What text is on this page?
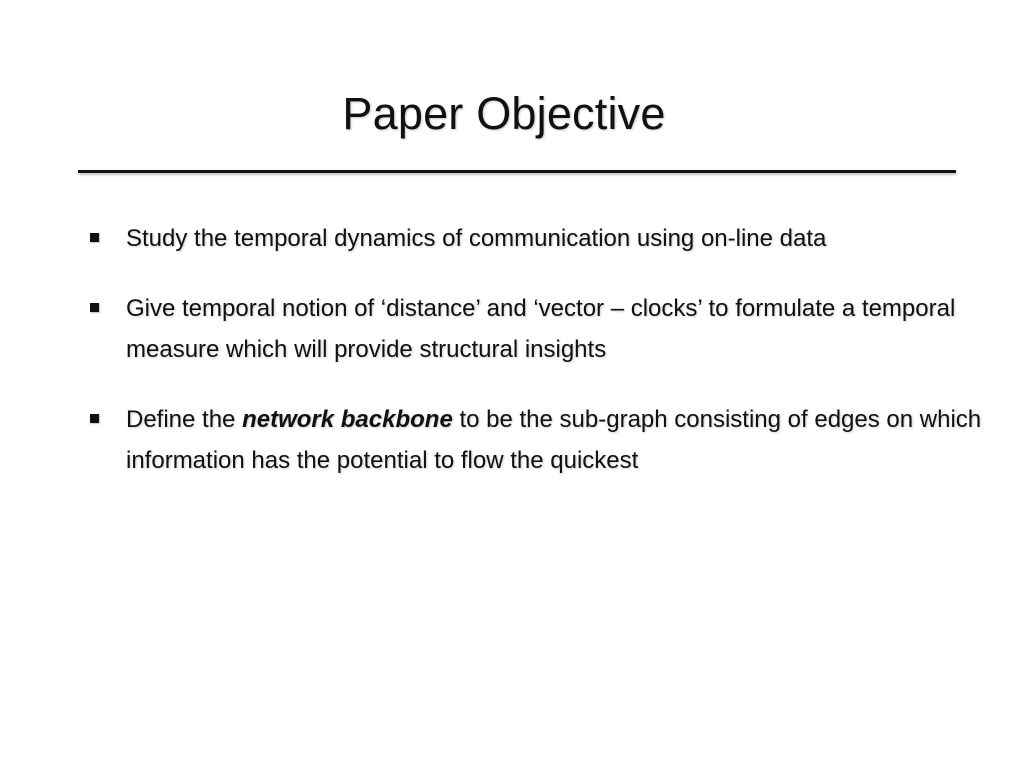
Paper Objective
Study the temporal dynamics of communication using on-line data
Give temporal notion of ‘distance’ and ‘vector – clocks’ to formulate a temporal measure which will provide structural insights
Define the network backbone to be the sub-graph consisting of edges on which information has the potential to flow the quickest
